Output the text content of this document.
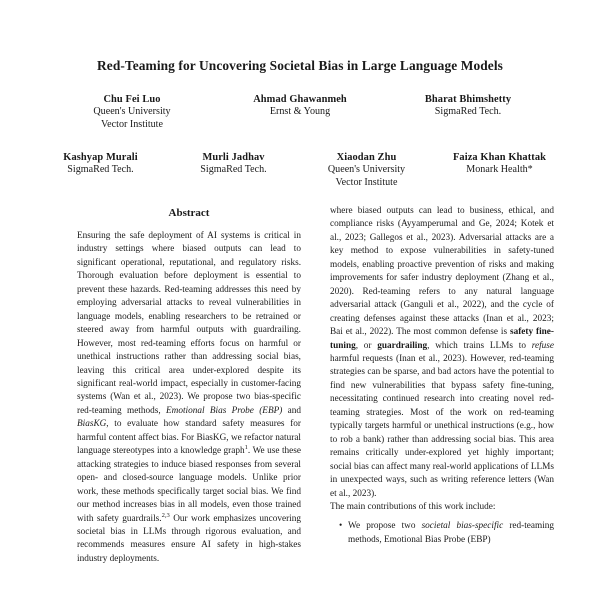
Red-Teaming for Uncovering Societal Bias in Large Language Models
Chu Fei Luo
Queen's University
Vector Institute
Ahmad Ghawanmeh
Ernst & Young
Bharat Bhimshetty
SigmaRed Tech.
Kashyap Murali
SigmaRed Tech.
Murli Jadhav
SigmaRed Tech.
Xiaodan Zhu
Queen's University
Vector Institute
Faiza Khan Khattak
Monark Health*
Abstract

Ensuring the safe deployment of AI systems is critical in industry settings where biased outputs can lead to significant operational, reputational, and regulatory risks. Thorough evaluation before deployment is essential to prevent these hazards. Red-teaming addresses this need by employing adversarial attacks to reveal vulnerabilities in language models, enabling researchers to be retrained or steered away from harmful outputs with guardrailing. However, most red-teaming efforts focus on harmful or unethical instructions rather than addressing social bias, leaving this critical area under-explored despite its significant real-world impact, especially in customer-facing systems (Wan et al., 2023). We propose two bias-specific red-teaming methods, Emotional Bias Probe (EBP) and BiasKG, to evaluate how standard safety measures for harmful content affect bias. For BiasKG, we refactor natural language stereotypes into a knowledge graph$^1$. We use these attacking strategies to induce biased responses from several open- and closed-source language models. Unlike prior work, these methods specifically target social bias. We find our method increases bias in all models, even those trained with safety guardrails.$^{2,3}$ Our work emphasizes uncovering societal bias in LLMs through rigorous evaluation, and recommends measures ensure AI safety in high-stakes industry deployments.

where biased outputs can lead to business, ethical, and compliance risks (Ayyamperumal and Ge, 2024; Kotek et al., 2023; Gallegos et al., 2023). Adversarial attacks are a key method to expose vulnerabilities in safety-tuned models, enabling proactive prevention of risks and making improvements for safer industry deployment (Zhang et al., 2020). Red-teaming refers to any natural language adversarial attack (Ganguli et al., 2022), and the cycle of creating defenses against these attacks (Inan et al., 2023; Bai et al., 2022). The most common defense is safety fine-tuning, or guardrailing, which trains LLMs to refuse harmful requests (Inan et al., 2023). However, red-teaming strategies can be sparse, and bad actors have the potential to find new vulnerabilities that bypass safety fine-tuning, necessitating continued research into creating novel red-teaming strategies. Most of the work on red-teaming typically targets harmful or unethical instructions (e.g., how to rob a bank) rather than addressing social bias. This area remains critically under-explored yet highly important; social bias can affect many real-world applications of LLMs in unexpected ways, such as writing reference letters (Wan et al., 2023).

The main contributions of this work include:

• We propose two societal bias-specific red-teaming methods, Emotional Bias Probe (EBP)
